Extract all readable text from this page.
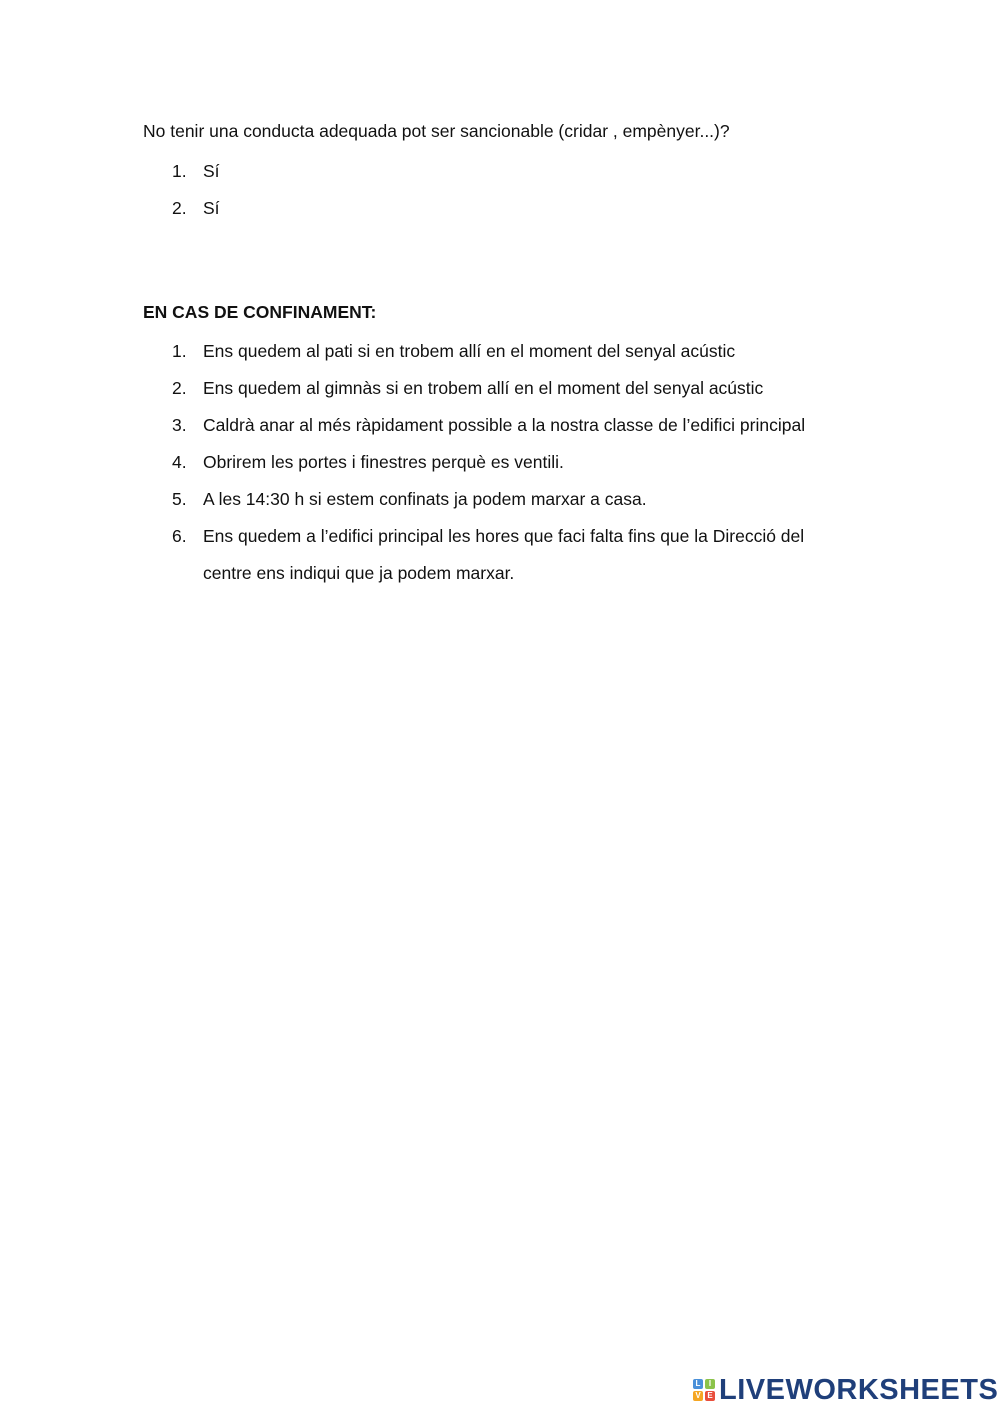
No tenir una conducta adequada pot ser sancionable (cridar , empènyer...)?

1. Sí
2. Sí

EN CAS DE CONFINAMENT:

1. Ens quedem al pati si en trobem allí en el moment del senyal acústic
2. Ens quedem al gimnàs si en trobem allí en el moment del senyal acústic
3. Caldrà anar al més ràpidament possible a la nostra classe de l’edifici principal
4. Obrirem les portes i finestres perquè es ventili.
5. A les 14:30 h si estem confinats ja podem marxar a casa.
6. Ens quedem a l’edifici principal les hores que faci falta fins que la Direcció del centre ens indiqui que ja podem marxar.
L	I
V E LIVEWORKSHEETS
